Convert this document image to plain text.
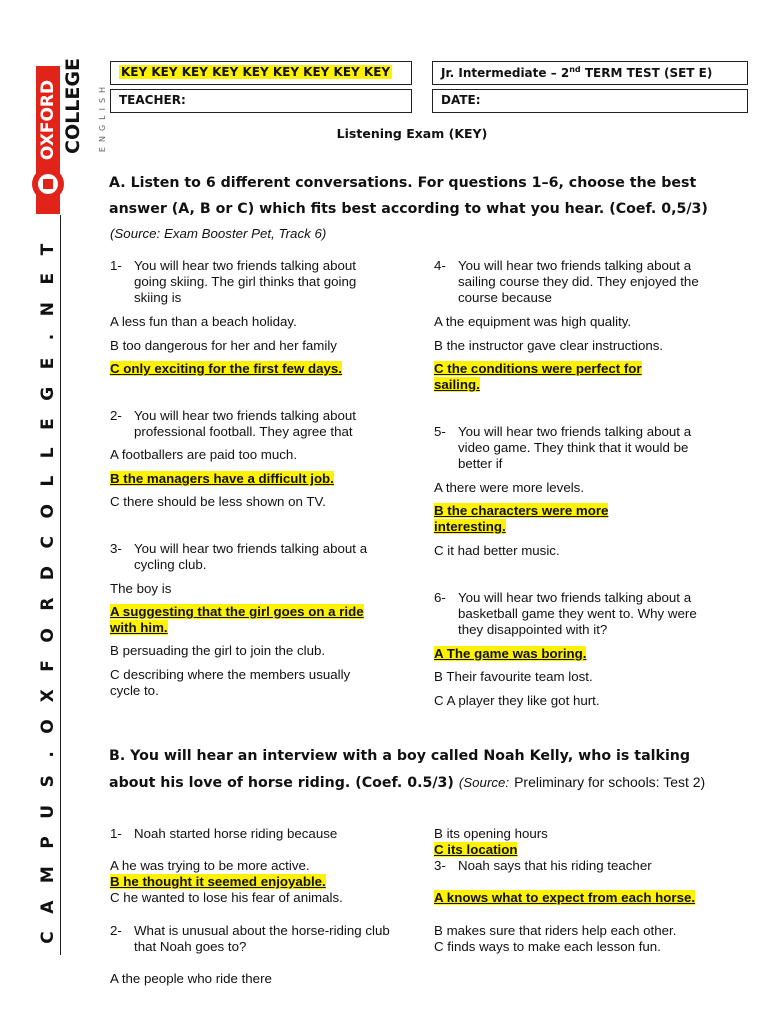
OXFORD COLLEGE	ENGLISH
CAMPUS.OXFORDCOLLEGE.NET
KEY KEY KEY KEY KEY KEY KEY KEY KEY	Jr. Intermediate – 2nd TERM TEST (SET E)
TEACHER:	DATE:
Listening Exam (KEY)
A. Listen to 6 different conversations. For questions 1–6, choose the best answer (A, B or C) which fits best according to what you hear. (Coef. 0,5/3)
(Source: Exam Booster Pet, Track 6)
1- You will hear two friends talking about going skiing. The girl thinks that going skiing is
A less fun than a beach holiday.
B too dangerous for her and her family
C only exciting for the first few days.
2- You will hear two friends talking about professional football. They agree that
A footballers are paid too much.
B the managers have a difficult job.
C there should be less shown on TV.
3- You will hear two friends talking about a cycling club.
The boy is
A suggesting that the girl goes on a ride with him.
B persuading the girl to join the club.
C describing where the members usually cycle to.
4- You will hear two friends talking about a sailing course they did. They enjoyed the course because
A the equipment was high quality.
B the instructor gave clear instructions.
C the conditions were perfect for sailing.
5- You will hear two friends talking about a video game. They think that it would be better if
A there were more levels.
B the characters were more interesting.
C it had better music.
6- You will hear two friends talking about a basketball game they went to. Why were they disappointed with it?
A The game was boring.
B Their favourite team lost.
C A player they like got hurt.
B. You will hear an interview with a boy called Noah Kelly, who is talking about his love of horse riding. (Coef. 0.5/3) (Source: Preliminary for schools: Test 2)
1- Noah started horse riding because
A he was trying to be more active.
B he thought it seemed enjoyable.
C he wanted to lose his fear of animals.
2- What is unusual about the horse-riding club that Noah goes to?
A the people who ride there
B its opening hours
C its location
3- Noah says that his riding teacher
A knows what to expect from each horse.
B makes sure that riders help each other.
C finds ways to make each lesson fun.
